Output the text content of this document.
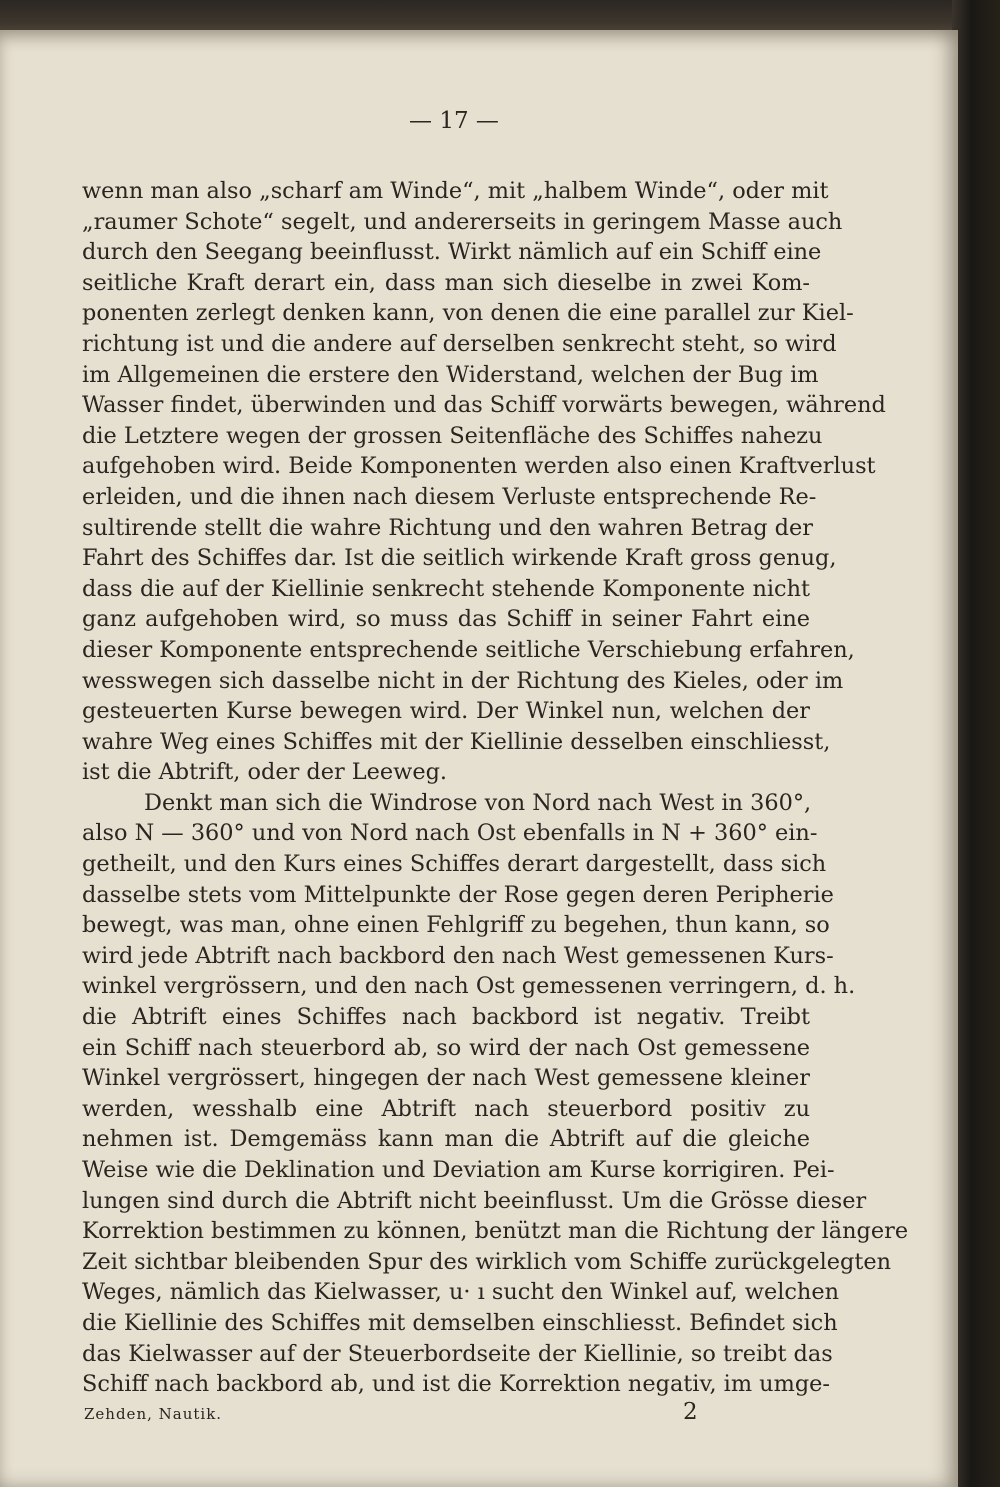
— 17 —
wenn man also „scharf am Winde“, mit „halbem Winde“, oder mit
„raumer Schote“ segelt, und andererseits in geringem Masse auch
durch den Seegang beeinflusst. Wirkt nämlich auf ein Schiff eine
seitliche Kraft derart ein, dass man sich dieselbe in zwei Kom-
ponenten zerlegt denken kann, von denen die eine parallel zur Kiel-
richtung ist und die andere auf derselben senkrecht steht, so wird
im Allgemeinen die erstere den Widerstand, welchen der Bug im
Wasser findet, überwinden und das Schiff vorwärts bewegen, während
die Letztere wegen der grossen Seitenfläche des Schiffes nahezu
aufgehoben wird. Beide Komponenten werden also einen Kraftverlust
erleiden, und die ihnen nach diesem Verluste entsprechende Re-
sultirende stellt die wahre Richtung und den wahren Betrag der
Fahrt des Schiffes dar. Ist die seitlich wirkende Kraft gross genug,
dass die auf der Kiellinie senkrecht stehende Komponente nicht
ganz aufgehoben wird, so muss das Schiff in seiner Fahrt eine
dieser Komponente entsprechende seitliche Verschiebung erfahren,
wesswegen sich dasselbe nicht in der Richtung des Kieles, oder im
gesteuerten Kurse bewegen wird. Der Winkel nun, welchen der
wahre Weg eines Schiffes mit der Kiellinie desselben einschliesst,
ist die Abtrift, oder der Leeweg.
Denkt man sich die Windrose von Nord nach West in 360°,
also N — 360° und von Nord nach Ost ebenfalls in N + 360° ein-
getheilt, und den Kurs eines Schiffes derart dargestellt, dass sich
dasselbe stets vom Mittelpunkte der Rose gegen deren Peripherie
bewegt, was man, ohne einen Fehlgriff zu begehen, thun kann, so
wird jede Abtrift nach backbord den nach West gemessenen Kurs-
winkel vergrössern, und den nach Ost gemessenen verringern, d. h.
die Abtrift eines Schiffes nach backbord ist negativ. Treibt
ein Schiff nach steuerbord ab, so wird der nach Ost gemessene
Winkel vergrössert, hingegen der nach West gemessene kleiner
werden, wesshalb eine Abtrift nach steuerbord positiv zu
nehmen ist. Demgemäss kann man die Abtrift auf die gleiche
Weise wie die Deklination und Deviation am Kurse korrigiren. Pei-
lungen sind durch die Abtrift nicht beeinflusst. Um die Grösse dieser
Korrektion bestimmen zu können, benützt man die Richtung der längere
Zeit sichtbar bleibenden Spur des wirklich vom Schiffe zurückgelegten
Weges, nämlich das Kielwasser, u· ı sucht den Winkel auf, welchen
die Kiellinie des Schiffes mit demselben einschliesst. Befindet sich
das Kielwasser auf der Steuerbordseite der Kiellinie, so treibt das
Schiff nach backbord ab, und ist die Korrektion negativ, im umge-
Zehden, Nautik.	2
